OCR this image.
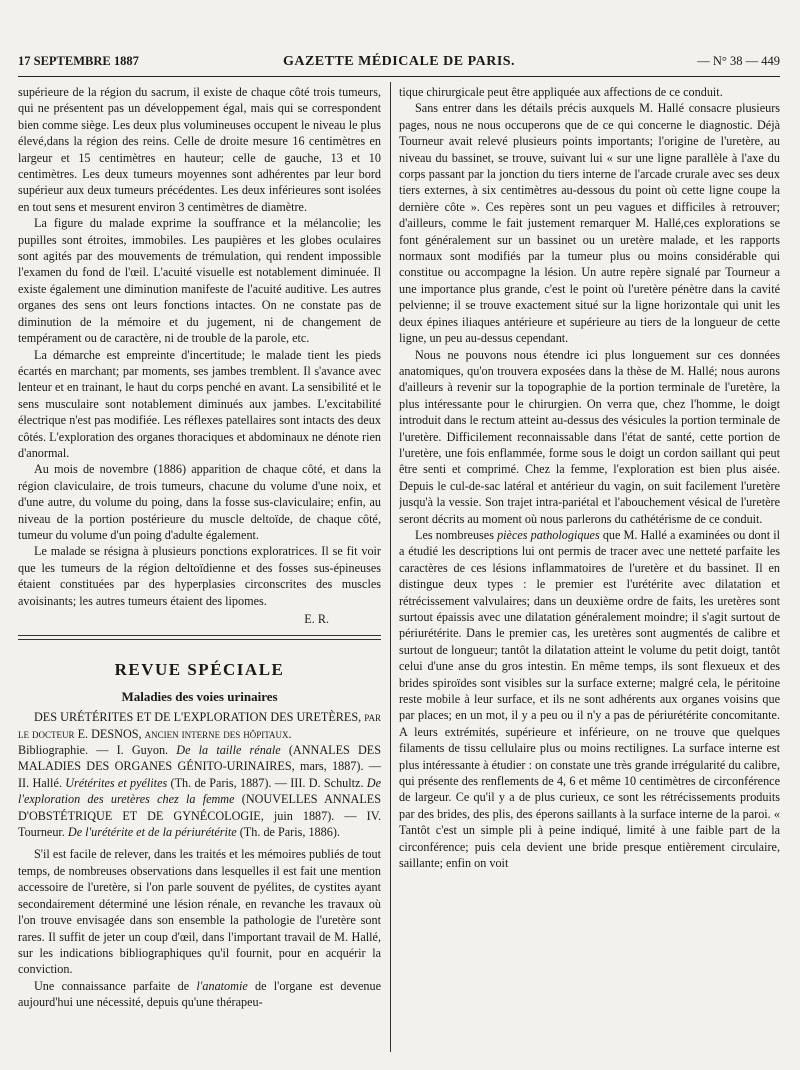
17 SEPTEMBRE 1887	GAZETTE MÉDICALE DE PARIS.	— N° 38 — 449

supérieure de la région du sacrum, il existe de chaque côté trois tumeurs, qui ne présentent pas un développement égal, mais qui se correspondent bien comme siège. Les deux plus volumineuses occupent le niveau le plus élevé,dans la région des reins. Celle de droite mesure 16 centimètres en largeur et 15 centimètres en hauteur; celle de gauche, 13 et 10 centimètres. Les deux tumeurs moyennes sont adhérentes par leur bord supérieur aux deux tumeurs précédentes. Les deux inférieures sont isolées en tout sens et mesurent environ 3 centimètres de diamètre.

La figure du malade exprime la souffrance et la mélancolie; les pupilles sont étroites, immobiles. Les paupières et les globes oculaires sont agités par des mouvements de trémulation, qui rendent impossible l'examen du fond de l'œil. L'acuité visuelle est notablement diminuée. Il existe également une diminution manifeste de l'acuité auditive. Les autres organes des sens ont leurs fonctions intactes. On ne constate pas de diminution de la mémoire et du jugement, ni de changement de tempérament ou de caractère, ni de trouble de la parole, etc.

La démarche est empreinte d'incertitude; le malade tient les pieds écartés en marchant; par moments, ses jambes tremblent. Il s'avance avec lenteur et en trainant, le haut du corps penché en avant. La sensibilité et le sens musculaire sont notablement diminués aux jambes. L'excitabilité électrique n'est pas modifiée. Les réflexes patellaires sont intacts des deux côtés. L'exploration des organes thoraciques et abdominaux ne dénote rien d'anormal.

Au mois de novembre (1886) apparition de chaque côté, et dans la région claviculaire, de trois tumeurs, chacune du volume d'une noix, et d'une autre, du volume du poing, dans la fosse sus-claviculaire; enfin, au niveau de la portion postérieure du muscle deltoïde, de chaque côté, tumeur du volume d'un poing d'adulte également.

Le malade se résigna à plusieurs ponctions exploratrices. Il se fit voir que les tumeurs de la région deltoïdienne et des fosses sus-épineuses étaient constituées par des hyperplasies circonscrites des muscles avoisinants; les autres tumeurs étaient des lipomes.

E. R.

REVUE SPÉCIALE

Maladies des voies urinaires

DES URÉTÉRITES ET DE L'EXPLORATION DES URETÈRES, par le docteur E. DESNOS, ancien interne des hôpitaux.

Bibliographie. — I. Guyon. De la taille rénale (ANNALES DES MALADIES DES ORGANES GÉNITO-URINAIRES, mars, 1887). — II. Hallé. Urétérites et pyélites (Th. de Paris, 1887). — III. D. Schultz. De l'exploration des uretères chez la femme (NOUVELLES ANNALES D'OBSTÉTRIQUE ET DE GYNÉCOLOGIE, juin 1887). — IV. Tourneur. De l'urétérite et de la périurétérite (Th. de Paris, 1886).

S'il est facile de relever, dans les traités et les mémoires publiés de tout temps, de nombreuses observations dans lesquelles il est fait une mention accessoire de l'uretère, si l'on parle souvent de pyélites, de cystites ayant secondairement déterminé une lésion rénale, en revanche les travaux où l'on trouve envisagée dans son ensemble la pathologie de l'uretère sont rares. Il suffit de jeter un coup d'œil, dans l'important travail de M. Hallé, sur les indications bibliographiques qu'il fournit, pour en acquérir la conviction.

Une connaissance parfaite de l'anatomie de l'organe est devenue aujourd'hui une nécessité, depuis qu'une thérapeu-

tique chirurgicale peut être appliquée aux affections de ce conduit.

Sans entrer dans les détails précis auxquels M. Hallé consacre plusieurs pages, nous ne nous occuperons que de ce qui concerne le diagnostic. Déjà Tourneur avait relevé plusieurs points importants; l'origine de l'uretère, au niveau du bassinet, se trouve, suivant lui « sur une ligne parallèle à l'axe du corps passant par la jonction du tiers interne de l'arcade crurale avec ses deux tiers externes, à six centimètres au-dessous du point où cette ligne coupe la dernière côte ». Ces repères sont un peu vagues et difficiles à retrouver; d'ailleurs, comme le fait justement remarquer M. Hallé,ces explorations se font généralement sur un bassinet ou un uretère malade, et les rapports normaux sont modifiés par la tumeur plus ou moins considérable qui constitue ou accompagne la lésion. Un autre repère signalé par Tourneur a une importance plus grande, c'est le point où l'uretère pénètre dans la cavité pelvienne; il se trouve exactement situé sur la ligne horizontale qui unit les deux épines iliaques antérieure et supérieure au tiers de la longueur de cette ligne, un peu au-dessus cependant.

Nous ne pouvons nous étendre ici plus longuement sur ces données anatomiques, qu'on trouvera exposées dans la thèse de M. Hallé; nous aurons d'ailleurs à revenir sur la topographie de la portion terminale de l'uretère, la plus intéressante pour le chirurgien. On verra que, chez l'homme, le doigt introduit dans le rectum atteint au-dessus des vésicules la portion terminale de l'uretère. Difficilement reconnaissable dans l'état de santé, cette portion de l'uretère, une fois enflammée, forme sous le doigt un cordon saillant qui peut être senti et comprimé. Chez la femme, l'exploration est bien plus aisée. Depuis le cul-de-sac latéral et antérieur du vagin, on suit facilement l'uretère jusqu'à la vessie. Son trajet intra-pariétal et l'abouchement vésical de l'uretère seront décrits au moment où nous parlerons du cathétérisme de ce conduit.

Les nombreuses pièces pathologiques que M. Hallé a examinées ou dont il a étudié les descriptions lui ont permis de tracer avec une netteté parfaite les caractères de ces lésions inflammatoires de l'uretère et du bassinet. Il en distingue deux types : le premier est l'urétérite avec dilatation et rétrécissement valvulaires; dans un deuxième ordre de faits, les uretères sont surtout épaissis avec une dilatation généralement moindre; il s'agit surtout de périurétérite. Dans le premier cas, les uretères sont augmentés de calibre et surtout de longueur; tantôt la dilatation atteint le volume du petit doigt, tantôt celui d'une anse du gros intestin. En même temps, ils sont flexueux et des brides spiroïdes sont visibles sur la surface externe; malgré cela, le péritoine reste mobile à leur surface, et ils ne sont adhérents aux organes voisins que par places; en un mot, il y a peu ou il n'y a pas de périurétérite concomitante. A leurs extrémités, supérieure et inférieure, on ne trouve que quelques filaments de tissu cellulaire plus ou moins rectilignes. La surface interne est plus intéressante à étudier : on constate une très grande irrégularité du calibre, qui présente des renflements de 4, 6 et même 10 centimètres de circonférence de largeur. Ce qu'il y a de plus curieux, ce sont les rétrécissements produits par des brides, des plis, des éperons saillants à la surface interne de la paroi. « Tantôt c'est un simple pli à peine indiqué, limité à une faible part de la circonférence; puis cela devient une bride presque entièrement circulaire, saillante; enfin on voit
